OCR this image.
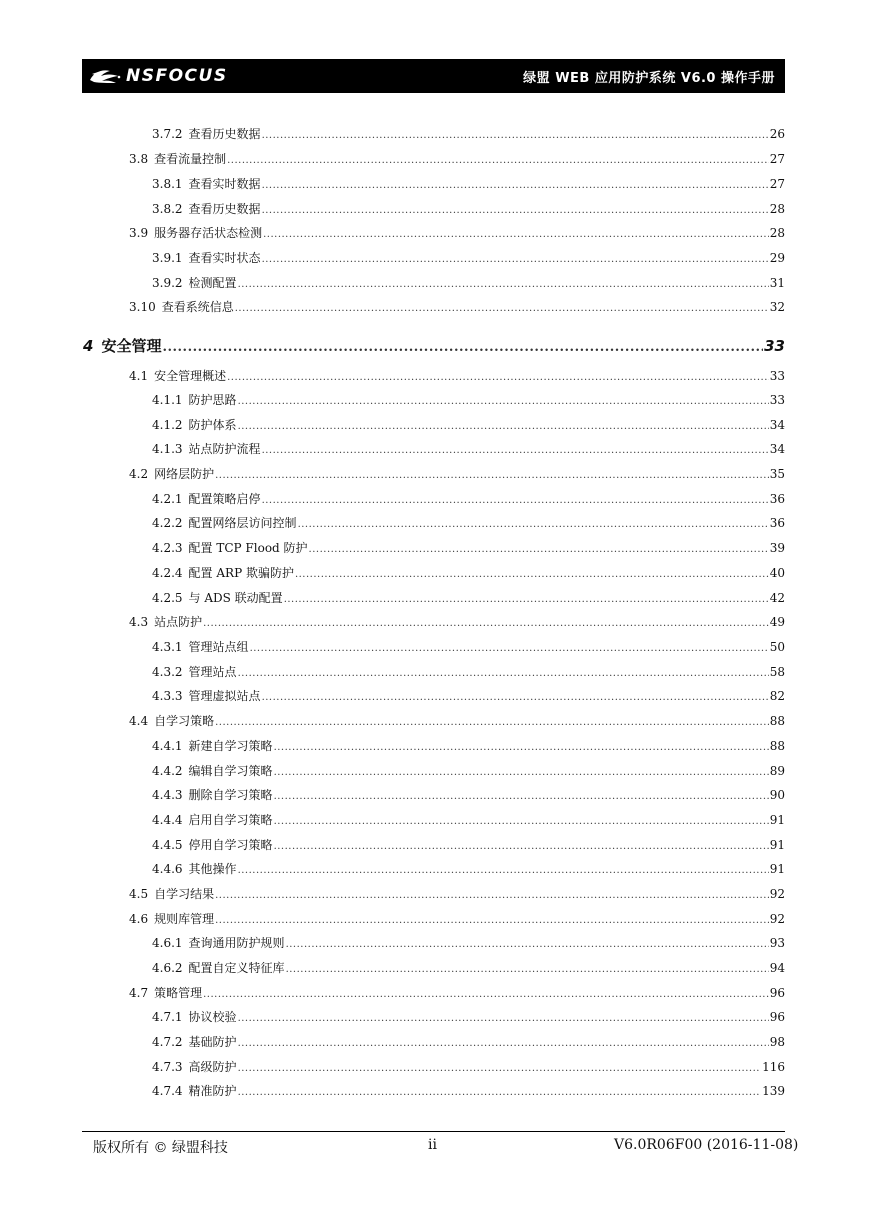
NSFOCUS	绿盟 WEB 应用防护系统 V6.0 操作手册
3.7.2 查看历史数据 .....	26
3.8 查看流量控制 .....	27
3.8.1 查看实时数据 .....	27
3.8.2 查看历史数据 .....	28
3.9 服务器存活状态检测 .....	28
3.9.1 查看实时状态 .....	29
3.9.2 检测配置 .....	31
3.10 查看系统信息 .....	32
4 安全管理 .....	33
4.1 安全管理概述 .....	33
4.1.1 防护思路 .....	33
4.1.2 防护体系 .....	34
4.1.3 站点防护流程 .....	34
4.2 网络层防护 .....	35
4.2.1 配置策略启停 .....	36
4.2.2 配置网络层访问控制 .....	36
4.2.3 配置 TCP Flood 防护 .....	39
4.2.4 配置 ARP 欺骗防护 .....	40
4.2.5 与 ADS 联动配置 .....	42
4.3 站点防护 .....	49
4.3.1 管理站点组 .....	50
4.3.2 管理站点 .....	58
4.3.3 管理虚拟站点 .....	82
4.4 自学习策略 .....	88
4.4.1 新建自学习策略 .....	88
4.4.2 编辑自学习策略 .....	89
4.4.3 删除自学习策略 .....	90
4.4.4 启用自学习策略 .....	91
4.4.5 停用自学习策略 .....	91
4.4.6 其他操作 .....	91
4.5 自学习结果 .....	92
4.6 规则库管理 .....	92
4.6.1 查询通用防护规则 .....	93
4.6.2 配置自定义特征库 .....	94
4.7 策略管理 .....	96
4.7.1 协议校验 .....	96
4.7.2 基础防护 .....	98
4.7.3 高级防护 .....	116
4.7.4 精准防护 .....	139
版权所有 © 绿盟科技	ii	V6.0R06F00 (2016-11-08)
